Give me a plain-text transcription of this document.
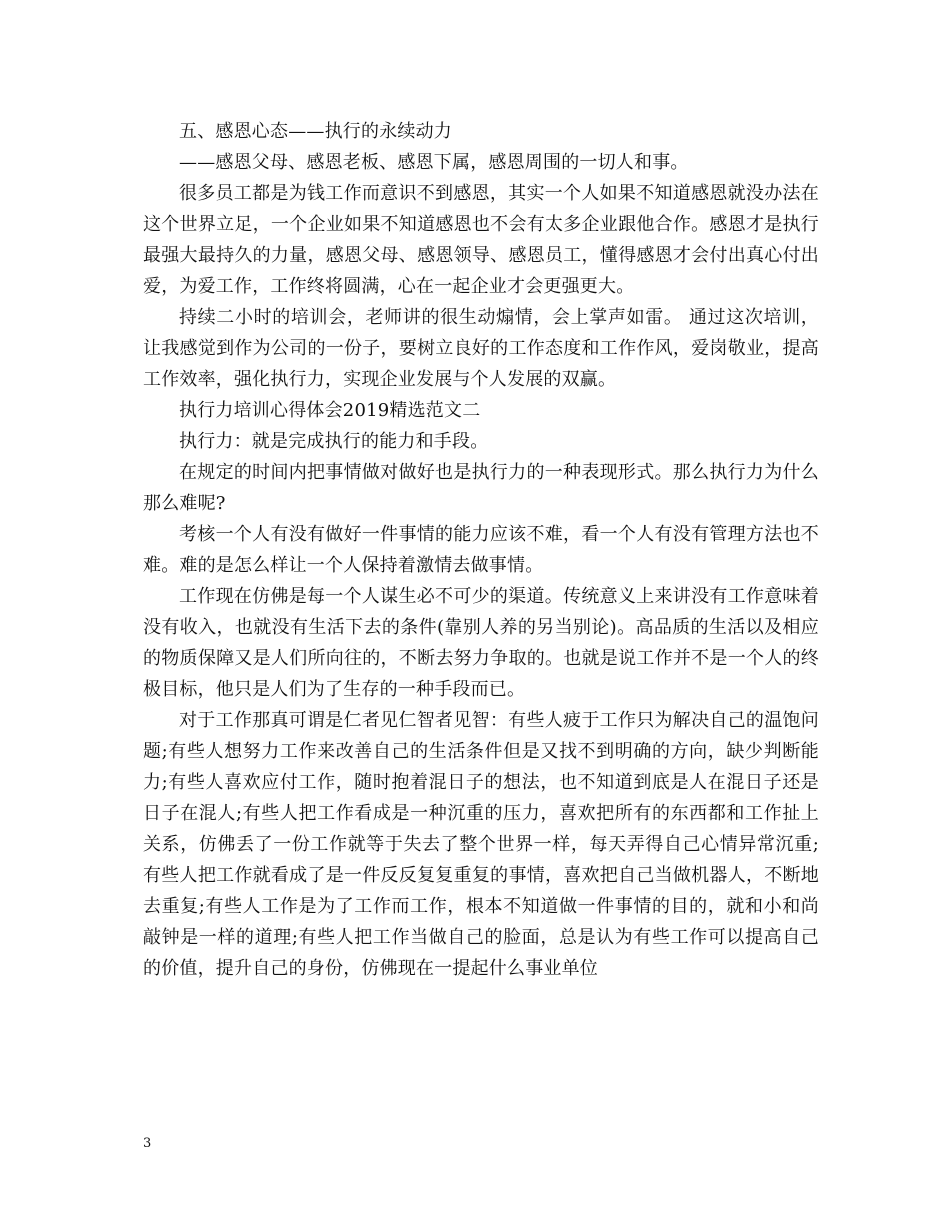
五、感恩心态——执行的永续动力

——感恩父母、感恩老板、感恩下属，感恩周围的一切人和事。

很多员工都是为钱工作而意识不到感恩，其实一个人如果不知道感恩就没办法在这个世界立足，一个企业如果不知道感恩也不会有太多企业跟他合作。感恩才是执行最强大最持久的力量，感恩父母、感恩领导、感恩员工，懂得感恩才会付出真心付出爱，为爱工作，工作终将圆满，心在一起企业才会更强更大。

持续二小时的培训会，老师讲的很生动煽情，会上掌声如雷。 通过这次培训，让我感觉到作为公司的一份子，要树立良好的工作态度和工作作风，爱岗敬业，提高工作效率，强化执行力，实现企业发展与个人发展的双赢。

执行力培训心得体会2019精选范文二

执行力：就是完成执行的能力和手段。

在规定的时间内把事情做对做好也是执行力的一种表现形式。那么执行力为什么那么难呢?

考核一个人有没有做好一件事情的能力应该不难，看一个人有没有管理方法也不难。难的是怎么样让一个人保持着激情去做事情。

工作现在仿佛是每一个人谋生必不可少的渠道。传统意义上来讲没有工作意味着没有收入，也就没有生活下去的条件(靠别人养的另当别论)。高品质的生活以及相应的物质保障又是人们所向往的，不断去努力争取的。也就是说工作并不是一个人的终极目标，他只是人们为了生存的一种手段而已。

对于工作那真可谓是仁者见仁智者见智：有些人疲于工作只为解决自己的温饱问题;有些人想努力工作来改善自己的生活条件但是又找不到明确的方向，缺少判断能力;有些人喜欢应付工作，随时抱着混日子的想法，也不知道到底是人在混日子还是日子在混人;有些人把工作看成是一种沉重的压力，喜欢把所有的东西都和工作扯上关系，仿佛丢了一份工作就等于失去了整个世界一样，每天弄得自己心情异常沉重;有些人把工作就看成了是一件反反复复重复的事情，喜欢把自己当做机器人，不断地去重复;有些人工作是为了工作而工作，根本不知道做一件事情的目的，就和小和尚敲钟是一样的道理;有些人把工作当做自己的脸面，总是认为有些工作可以提高自己的价值，提升自己的身份，仿佛现在一提起什么事业单位

3
